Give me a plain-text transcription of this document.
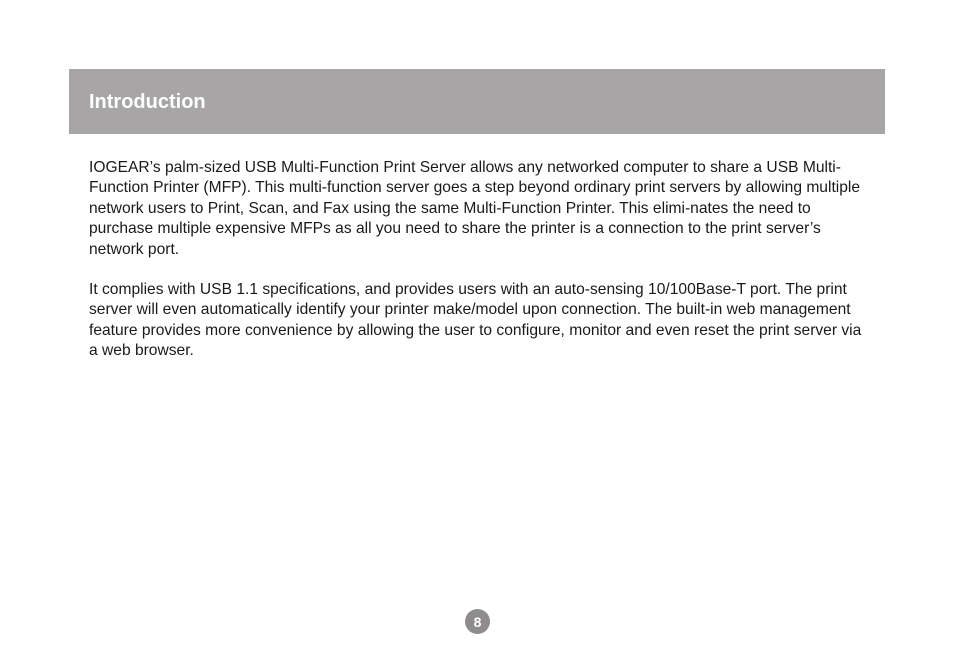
Introduction

IOGEAR’s palm-sized USB Multi-Function Print Server allows any networked computer to share a USB Multi-Function Printer (MFP). This multi-function server goes a step beyond ordinary print servers by allowing multiple network users to Print, Scan, and Fax using the same Multi-Function Printer. This elimi-nates the need to purchase multiple expensive MFPs as all you need to share the printer is a connection to the print server’s network port.

It complies with USB 1.1 specifications, and provides users with an auto-sensing 10/100Base-T port. The print server will even automatically identify your printer make/model upon connection. The built-in web management feature provides more convenience by allowing the user to configure, monitor and even reset the print server via a web browser.

8
